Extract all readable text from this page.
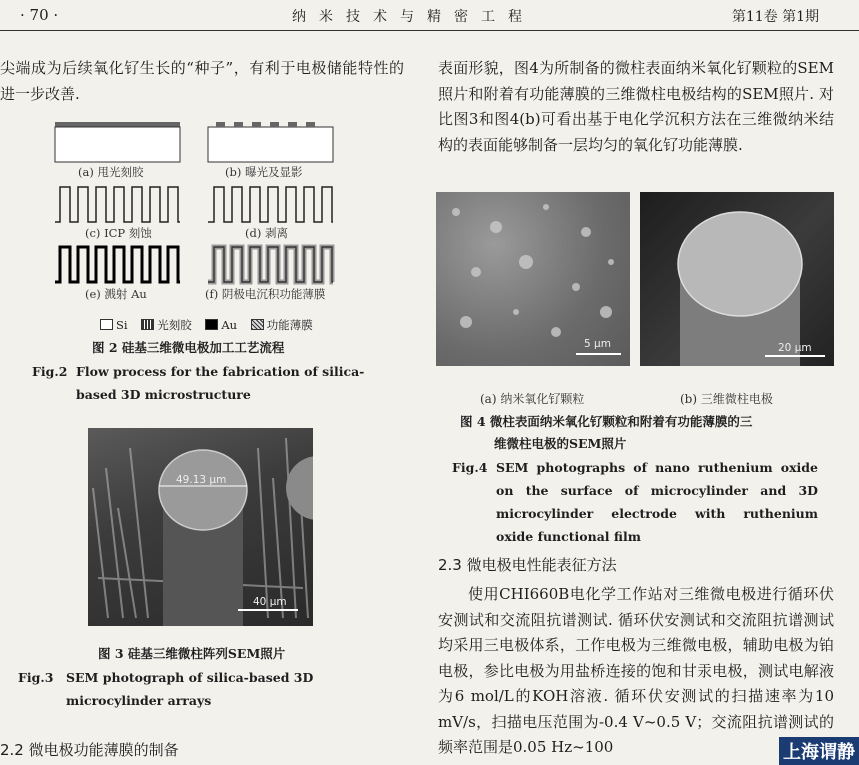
· 70 ·	纳米技术与精密工程	第11卷 第1期

尖端成为后续氧化钌生长的“种子”，有利于电极储能特性的进一步改善.

(a) 甩光刻胶	(b) 曝光及显影
(c) ICP 刻蚀	(d) 剥离
(e) 溅射 Au	(f) 阴极电沉积功能薄膜
Si	光刻胶	Au	功能薄膜
图 2 硅基三维微电极加工工艺流程
Fig.2 Flow process for the fabrication of silica-based 3D microstructure
49.13 μm
40 μm
图 3 硅基三维微柱阵列SEM照片
Fig.3 SEM photograph of silica-based 3D microcylinder arrays
2.2 微电极功能薄膜的制备

表面形貌，图4为所制备的微柱表面纳米氧化钌颗粒的SEM照片和附着有功能薄膜的三维微柱电极结构的SEM照片. 对比图3和图4(b)可看出基于电化学沉积方法在三维微纳米结构的表面能够制备一层均匀的氧化钌功能薄膜.

5 μm	20 μm
(a) 纳米氧化钌颗粒	(b) 三维微柱电极
图 4 微柱表面纳米氧化钌颗粒和附着有功能薄膜的三
维微柱电极的SEM照片
Fig.4 SEM photographs of nano ruthenium oxide on the surface of microcylinder and 3D microcylinder electrode with ruthenium oxide functional film
2.3 微电极电性能表征方法

使用CHI660B电化学工作站对三维微电极进行循环伏安测试和交流阻抗谱测试. 循环伏安测试和交流阻抗谱测试均采用三电极体系，工作电极为三维微电极，辅助电极为铂电极，参比电极为用盐桥连接的饱和甘汞电极，测试电解液为6 mol/L的KOH溶液. 循环伏安测试的扫描速率为10 mV/s，扫描电压范围为-0.4 V~0.5 V；交流阻抗谱测试的频率范围是0.05 Hz~100	上海谓静
